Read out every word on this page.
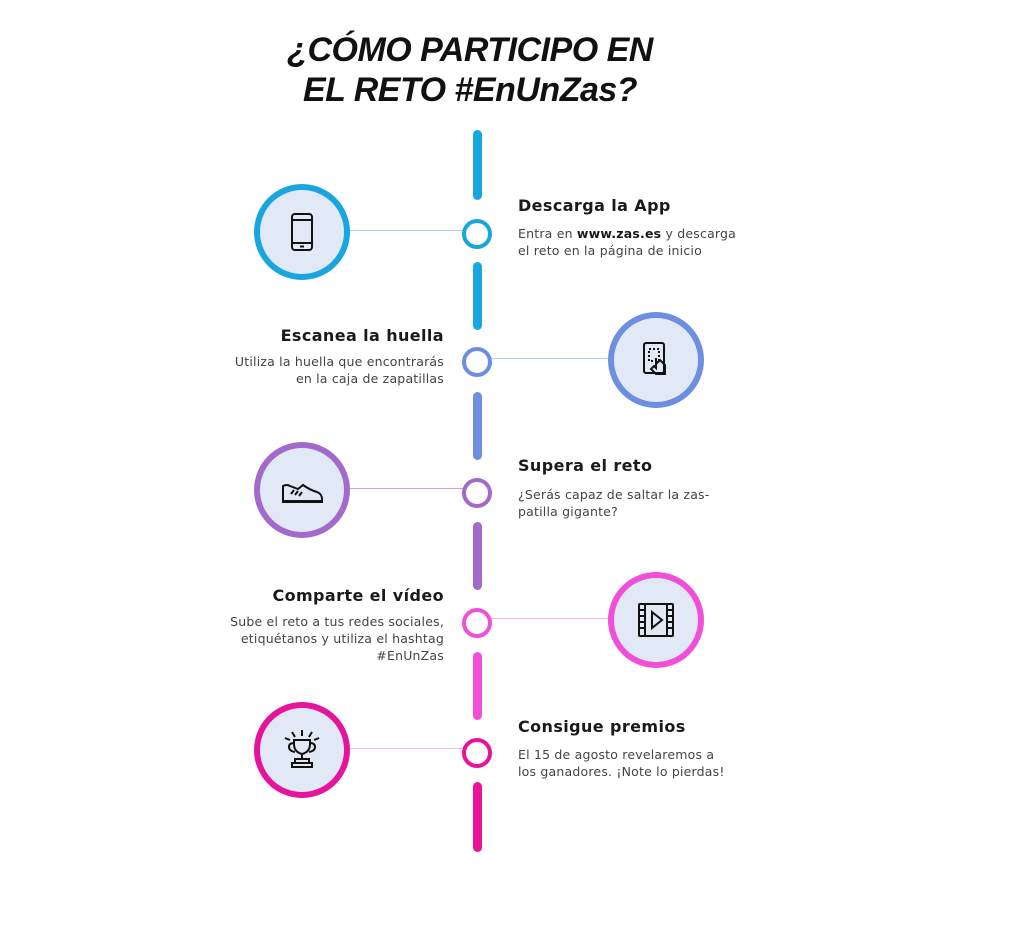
¿CÓMO PARTICIPO EN
EL RETO #EnUnZas?
Descarga la App
Entra en www.zas.es y descarga
el reto en la página de inicio
Escanea la huella
Utiliza la huella que encontrarás
en la caja de zapatillas
Supera el reto
¿Serás capaz de saltar la zas-
patilla gigante?
Comparte el vídeo
Sube el reto a tus redes sociales,
etiquétanos y utiliza el hashtag
#EnUnZas
Consigue premios
El 15 de agosto revelaremos a
los ganadores. ¡Note lo pierdas!
